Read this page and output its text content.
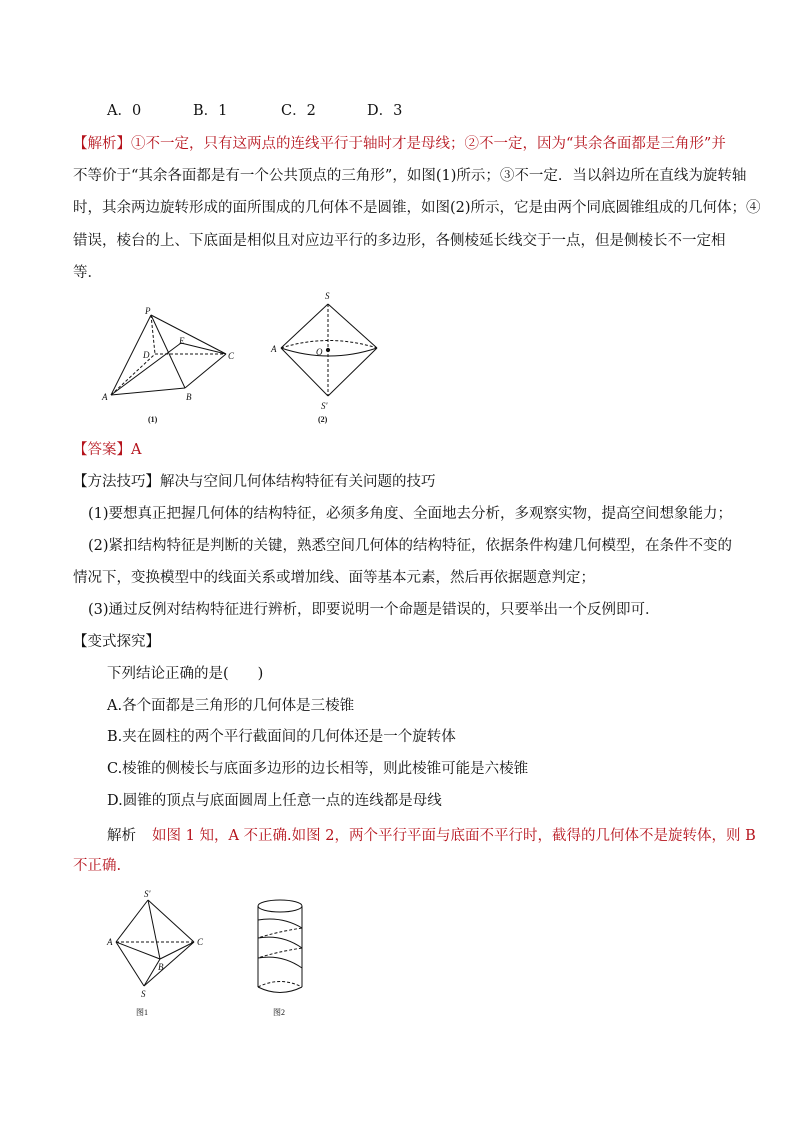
A．0	B．1	C．2	D．3
【解析】①不一定，只有这两点的连线平行于轴时才是母线；②不一定，因为“其余各面都是三角形”并
不等价于“其余各面都是有一个公共顶点的三角形”，如图(1)所示；③不一定．当以斜边所在直线为旋转轴
时，其余两边旋转形成的面所围成的几何体不是圆锥，如图(2)所示，它是由两个同底圆锥组成的几何体；④
错误，棱台的上、下底面是相似且对应边平行的多边形，各侧棱延长线交于一点，但是侧棱长不一定相
等．
P
D
E
C
A	B
(1)
S
A	O
S'
(2)
【答案】A
【方法技巧】解决与空间几何体结构特征有关问题的技巧
(1)要想真正把握几何体的结构特征，必须多角度、全面地去分析，多观察实物，提高空间想象能力；
(2)紧扣结构特征是判断的关键，熟悉空间几何体的结构特征，依据条件构建几何模型，在条件不变的
情况下，变换模型中的线面关系或增加线、面等基本元素，然后再依据题意判定；
(3)通过反例对结构特征进行辨析，即要说明一个命题是错误的，只要举出一个反例即可．
【变式探究】
下列结论正确的是(　　)
A.各个面都是三角形的几何体是三棱锥
B.夹在圆柱的两个平行截面间的几何体还是一个旋转体
C.棱锥的侧棱长与底面多边形的边长相等，则此棱锥可能是六棱锥
D.圆锥的顶点与底面圆周上任意一点的连线都是母线
解析 如图 1 知，A 不正确.如图 2，两个平行平面与底面不平行时，截得的几何体不是旋转体，则 B
不正确.
S'
A	C
B
S
图1	图2
